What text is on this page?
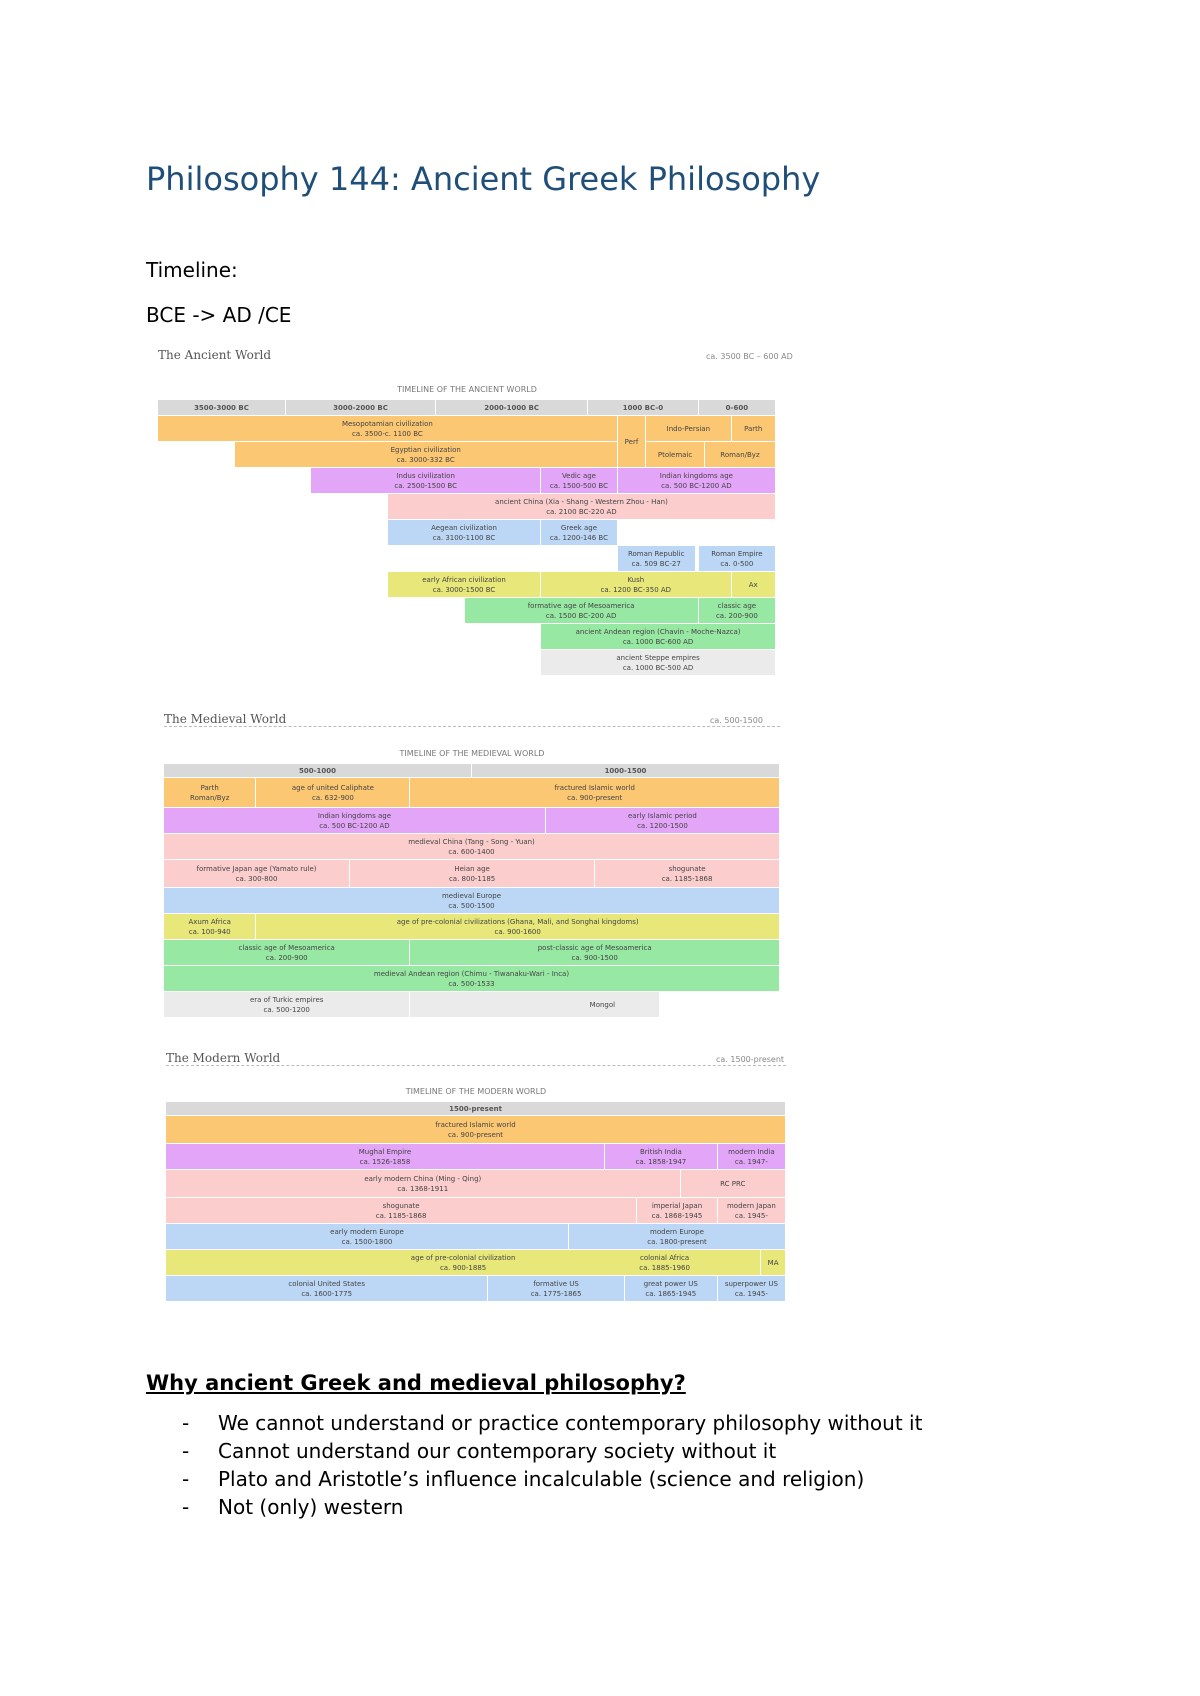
Philosophy 144: Ancient Greek Philosophy
Timeline:
BCE -> AD /CE
The Ancient World	ca. 3500 BC – 600 AD
TIMELINE OF THE ANCIENT WORLD
3500-3000 BC	3000-2000 BC	2000-1000 BC	1000 BC-0	0-600
Mesopotamian civilization
ca. 3500-c. 1100 BC
Egyptian civilization
ca. 3000-332 BC
Perf
Indo-Persian	Parth
Ptolemaic	Roman/Byz
Indus civilization
ca. 2500-1500 BC
Vedic age
ca. 1500-500 BC
Indian kingdoms age
ca. 500 BC-1200 AD
ancient China (Xia - Shang - Western Zhou - Han)
ca. 2100 BC-220 AD
Aegean civilization
ca. 3100-1100 BC
Greek age
ca. 1200-146 BC
Roman Republic
ca. 509 BC-27
Roman Empire
ca. 0-500
early African civilization
ca. 3000-1500 BC
Kush
ca. 1200 BC-350 AD
Ax
formative age of Mesoamerica
ca. 1500 BC-200 AD
classic age
ca. 200-900
ancient Andean region (Chavin - Moche-Nazca)
ca. 1000 BC-600 AD
ancient Steppe empires
ca. 1000 BC-500 AD
The Medieval World	ca. 500-1500
TIMELINE OF THE MEDIEVAL WORLD
500-1000	1000-1500
Parth
Roman/Byz
age of united Caliphate
ca. 632-900
fractured Islamic world
ca. 900-present
Indian kingdoms age
ca. 500 BC-1200 AD
early Islamic period
ca. 1200-1500
medieval China (Tang - Song - Yuan)
ca. 600-1400
formative Japan age (Yamato rule)
ca. 300-800
Heian age
ca. 800-1185
shogunate
ca. 1185-1868
medieval Europe
ca. 500-1500
Axum Africa
ca. 100-940
age of pre-colonial civilizations (Ghana, Mali, and Songhai kingdoms)
ca. 900-1600
classic age of Mesoamerica
ca. 200-900
post-classic age of Mesoamerica
ca. 900-1500
medieval Andean region (Chimu - Tiwanaku-Wari - Inca)
ca. 500-1533
era of Turkic empires
ca. 500-1200
Mongol
The Modern World	ca. 1500-present
TIMELINE OF THE MODERN WORLD
1500-present
fractured Islamic world
ca. 900-present
Mughal Empire
ca. 1526-1858
British India
ca. 1858-1947
modern India
ca. 1947-
early modern China (Ming - Qing)
ca. 1368-1911
RC PRC
shogunate
ca. 1185-1868
imperial Japan
ca. 1868-1945
modern Japan
ca. 1945-
early modern Europe
ca. 1500-1800
modern Europe
ca. 1800-present
age of pre-colonial civilization
ca. 900-1885
colonial Africa
ca. 1885-1960
MA
colonial United States
ca. 1600-1775
formative US
ca. 1775-1865
great power US
ca. 1865-1945
superpower US
ca. 1945-
Why ancient Greek and medieval philosophy?
- We cannot understand or practice contemporary philosophy without it
- Cannot understand our contemporary society without it
- Plato and Aristotle’s influence incalculable (science and religion)
- Not (only) western
